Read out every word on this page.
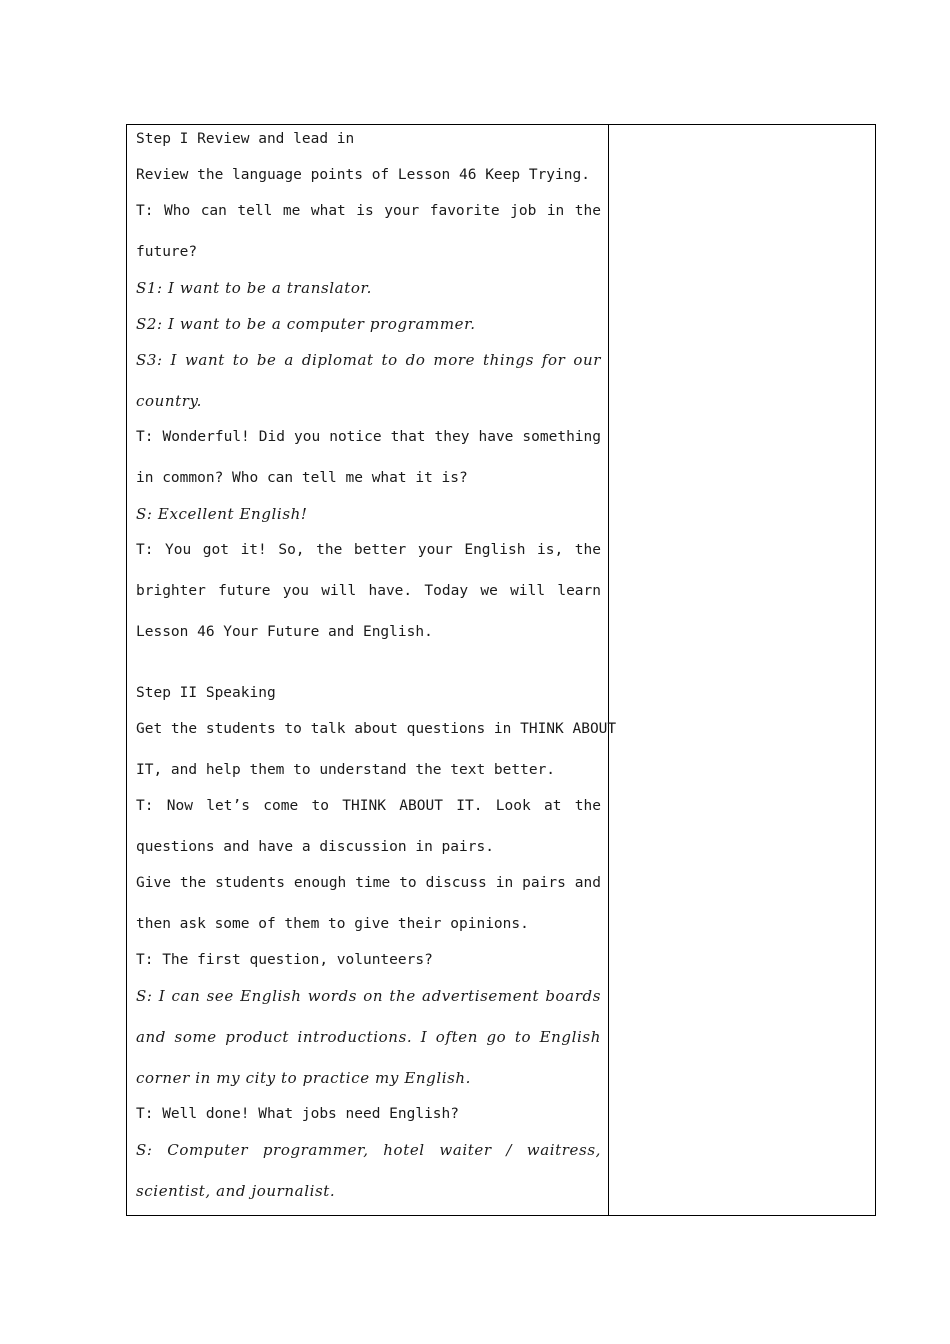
Step I Review and lead in
Review the language points of Lesson 46 Keep Trying.
T: Who can tell me what is your favorite job in the
future?
S1: I want to be a translator.
S2: I want to be a computer programmer.
S3: I want to be a diplomat to do more things for our
country.
T: Wonderful! Did you notice that they have something
in common? Who can tell me what it is?
S: Excellent English!
T: You got it! So, the better your English is, the
brighter future you will have. Today we will learn
Lesson 46 Your Future and English.
Step II Speaking
Get the students to talk about questions in THINK ABOUT
IT, and help them to understand the text better.
T: Now let’s come to THINK ABOUT IT. Look at the
questions and have a discussion in pairs.
Give the students enough time to discuss in pairs and
then ask some of them to give their opinions.
T: The first question, volunteers?
S: I can see English words on the advertisement boards
and some product introductions. I often go to English
corner in my city to practice my English.
T: Well done! What jobs need English?
S: Computer programmer, hotel waiter / waitress,
scientist, and journalist.
